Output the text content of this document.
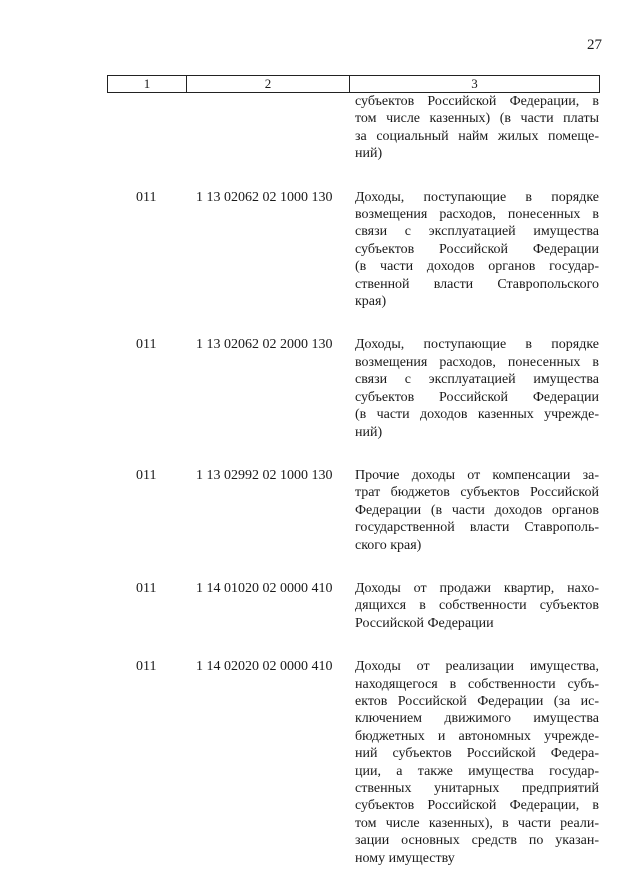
27
1	2	3
субъектов Российской Федерации, в
том числе казенных) (в части платы
за социальный найм жилых помеще-
ний)
011	1 13 02062 02 1000 130 Доходы, поступающие в порядке
возмещения расходов, понесенных в
связи с эксплуатацией имущества
субъектов Российской Федерации
(в части доходов органов государ-
ственной власти Ставропольского
края)
011	1 13 02062 02 2000 130 Доходы, поступающие в порядке
возмещения расходов, понесенных в
связи с эксплуатацией имущества
субъектов Российской Федерации
(в части доходов казенных учрежде-
ний)
011	1 13 02992 02 1000 130 Прочие доходы от компенсации за-
трат бюджетов субъектов Российской
Федерации (в части доходов органов
государственной власти Ставрополь-
ского края)
011	1 14 01020 02 0000 410 Доходы от продажи квартир, нахо-
дящихся в собственности субъектов
Российской Федерации
011	1 14 02020 02 0000 410 Доходы от реализации имущества,
находящегося в собственности субъ-
ектов Российской Федерации (за ис-
ключением движимого имущества
бюджетных и автономных учрежде-
ний субъектов Российской Федера-
ции, а также имущества государ-
ственных унитарных предприятий
субъектов Российской Федерации, в
том числе казенных), в части реали-
зации основных средств по указан-
ному имуществу
